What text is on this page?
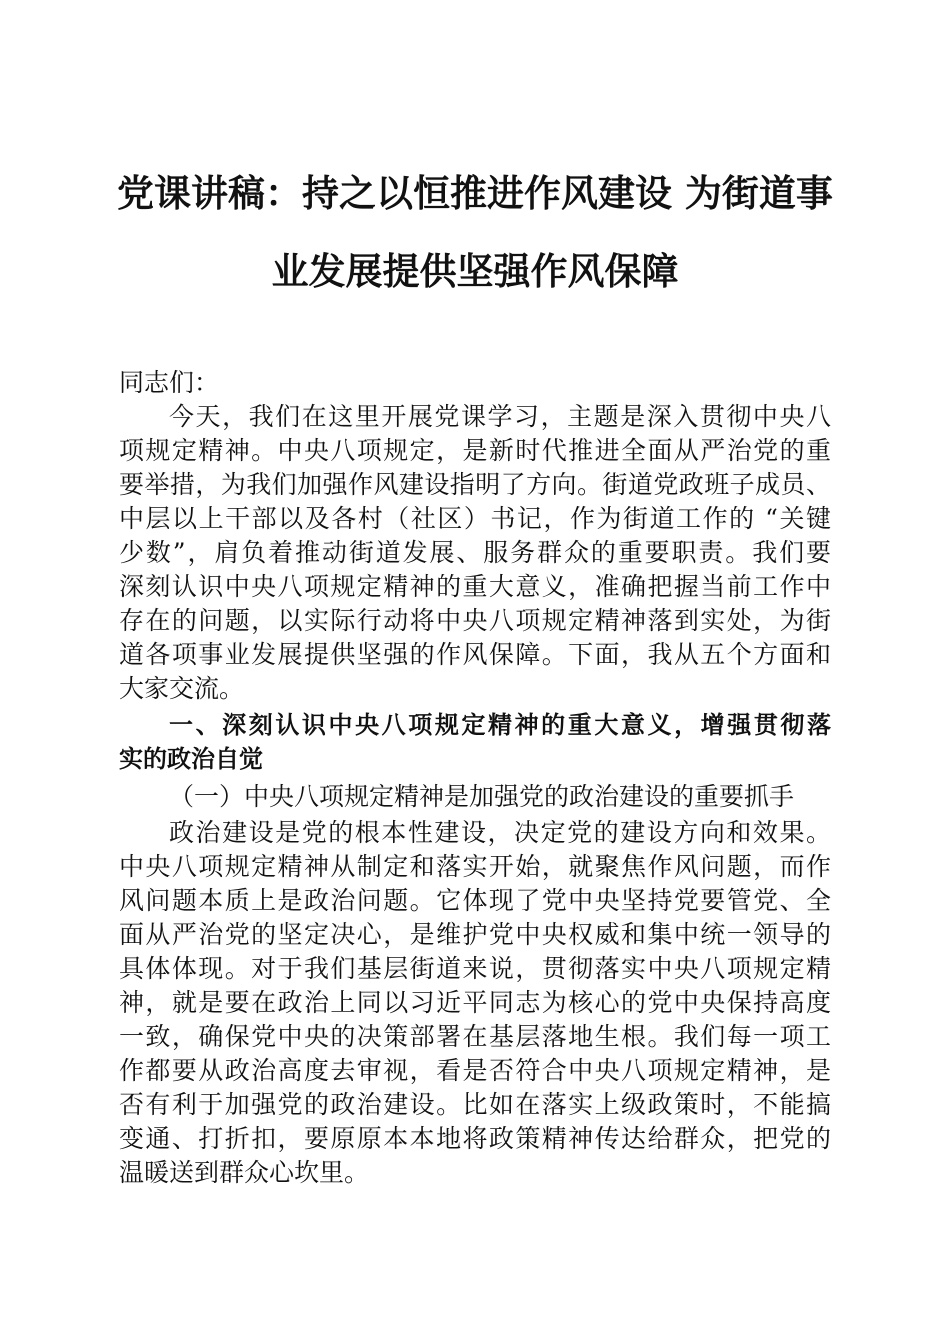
党课讲稿：持之以恒推进作风建设 为街道事
业发展提供坚强作风保障
同志们：
今天，我们在这里开展党课学习，主题是深入贯彻中央八
项规定精神。中央八项规定，是新时代推进全面从严治党的重
要举措，为我们加强作风建设指明了方向。街道党政班子成员、
中层以上干部以及各村（社区）书记，作为街道工作的 “关键
少数”，肩负着推动街道发展、服务群众的重要职责。我们要
深刻认识中央八项规定精神的重大意义，准确把握当前工作中
存在的问题，以实际行动将中央八项规定精神落到实处，为街
道各项事业发展提供坚强的作风保障。下面，我从五个方面和
大家交流。
一、深刻认识中央八项规定精神的重大意义，增强贯彻落
实的政治自觉
（一）中央八项规定精神是加强党的政治建设的重要抓手
政治建设是党的根本性建设，决定党的建设方向和效果。
中央八项规定精神从制定和落实开始，就聚焦作风问题，而作
风问题本质上是政治问题。它体现了党中央坚持党要管党、全
面从严治党的坚定决心，是维护党中央权威和集中统一领导的
具体体现。对于我们基层街道来说，贯彻落实中央八项规定精
神，就是要在政治上同以习近平同志为核心的党中央保持高度
一致，确保党中央的决策部署在基层落地生根。我们每一项工
作都要从政治高度去审视，看是否符合中央八项规定精神，是
否有利于加强党的政治建设。比如在落实上级政策时，不能搞
变通、打折扣，要原原本本地将政策精神传达给群众，把党的
温暖送到群众心坎里。
